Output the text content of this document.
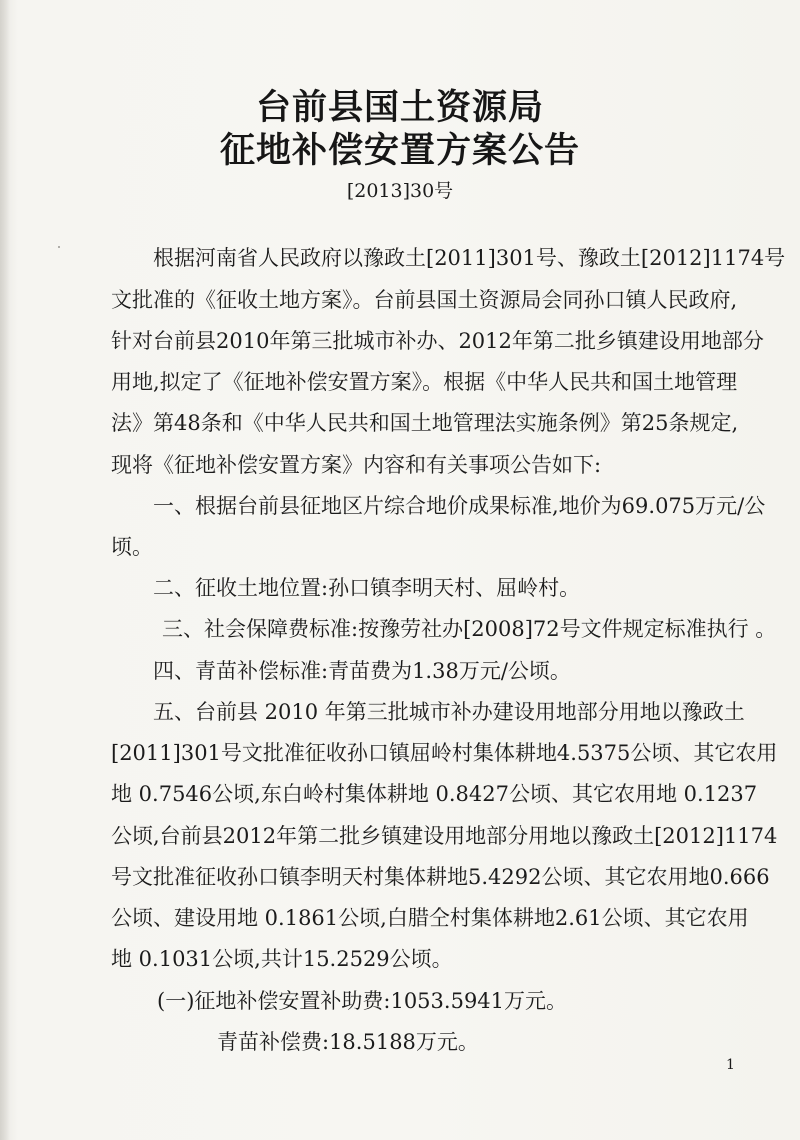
台前县国土资源局
征地补偿安置方案公告
[2013]30号
根据河南省人民政府以豫政土[2011]301号、豫政土[2012]1174号
文批准的《征收土地方案》。台前县国土资源局会同孙口镇人民政府,
针对台前县2010年第三批城市补办、2012年第二批乡镇建设用地部分
用地,拟定了《征地补偿安置方案》。根据《中华人民共和国土地管理
法》第48条和《中华人民共和国土地管理法实施条例》第25条规定,
现将《征地补偿安置方案》内容和有关事项公告如下:
一、根据台前县征地区片综合地价成果标准,地价为69.075万元/公
顷。
二、征收土地位置:孙口镇李明天村、屈岭村。
三、社会保障费标准:按豫劳社办[2008]72号文件规定标准执行 。
四、青苗补偿标准:青苗费为1.38万元/公顷。
五、台前县 2010 年第三批城市补办建设用地部分用地以豫政土
[2011]301号文批准征收孙口镇屈岭村集体耕地4.5375公顷、其它农用
地 0.7546公顷,东白岭村集体耕地 0.8427公顷、其它农用地 0.1237
公顷,台前县2012年第二批乡镇建设用地部分用地以豫政土[2012]1174
号文批准征收孙口镇李明天村集体耕地5.4292公顷、其它农用地0.666
公顷、建设用地 0.1861公顷,白腊仝村集体耕地2.61公顷、其它农用
地 0.1031公顷,共计15.2529公顷。
(一)征地补偿安置补助费:1053.5941万元。
青苗补偿费:18.5188万元。
1
